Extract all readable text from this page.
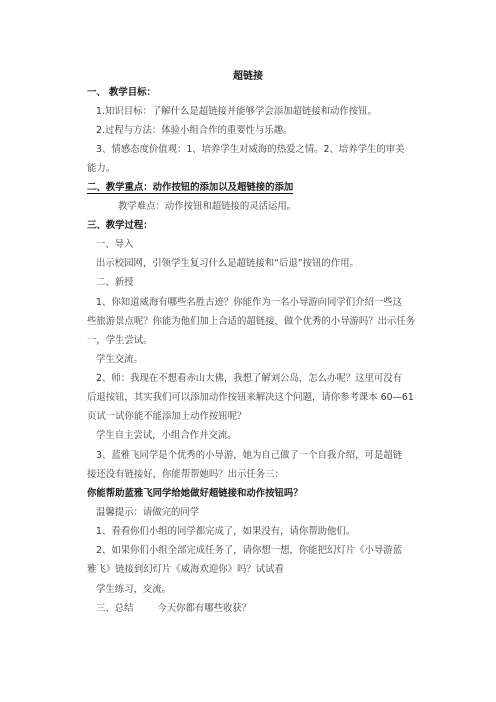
超链接
一、 教学目标：
1.知识目标：了解什么是超链接并能够学会添加超链接和动作按钮。
2.过程与方法：体验小组合作的重要性与乐趣。
3、情感态度价值观：1、培养学生对威海的热爱之情。2、培养学生的审美
能力。
二、教学重点：动作按钮的添加以及超链接的添加
教学难点：动作按钮和超链接的灵活运用。
三、教学过程：
一、导入
出示校园网，引领学生复习什么是超链接和“后退”按钮的作用。
二、新授
1、你知道威海有哪些名胜古迹？你能作为一名小导游向同学们介绍一些这
些旅游景点呢？你能为他们加上合适的超链接，做个优秀的小导游吗？出示任务
一，学生尝试。
学生交流。
2、师：我现在不想看赤山大佛，我想了解刘公岛，怎么办呢？这里可没有
后退按钮，其实我们可以添加动作按钮来解决这个问题，请你参考课本 60—61
页试一试你能不能添加上动作按钮呢？
学生自主尝试，小组合作并交流。
3、蓝雅飞同学是个优秀的小导游，她为自己做了一个自我介绍，可是超链
接还没有链接好，你能帮帮她吗？出示任务三：
你能帮助蓝雅飞同学给她做好超链接和动作按钮吗？
温馨提示：请做完的同学
1、看看你们小组的同学都完成了，如果没有，请你帮助他们。
2、如果你们小组全部完成任务了，请你想一想，你能把幻灯片《小导游蓝
雅飞》链接到幻灯片《威海欢迎你》吗？试试看
学生练习，交流。
三、总结        今天你都有哪些收获？
